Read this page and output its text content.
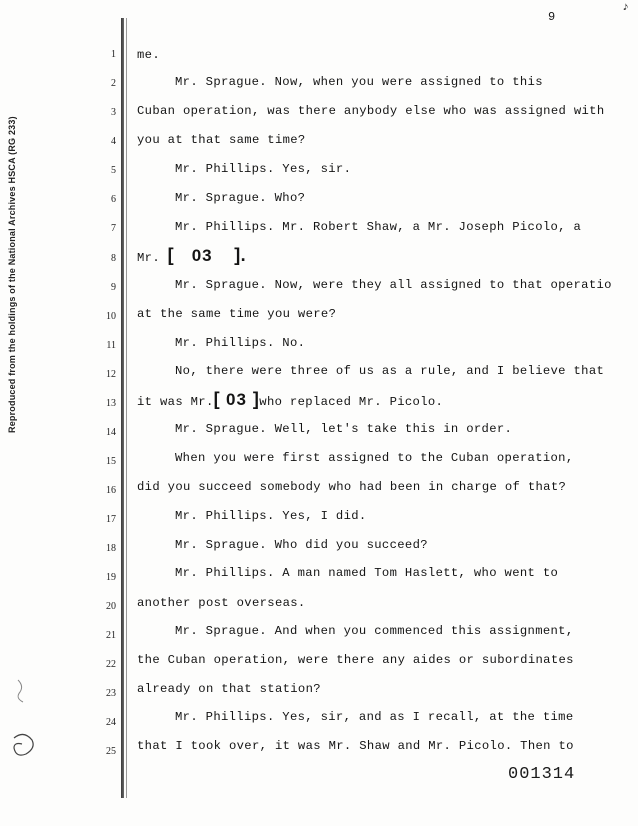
Reproduced from the holdings of the National Archives HSCA (RG 233)
9
♪
1
2
3
4
5
6
7
8
9
10
11
12
13
14
15
16
17
18
19
20
21
22
23
24
25
me.
Mr. Sprague. Now, when you were assigned to this
Cuban operation, was there anybody else who was assigned with
you at that same time?
Mr. Phillips. Yes, sir.
Mr. Sprague. Who?
Mr. Phillips. Mr. Robert Shaw, a Mr. Joseph Picolo, a
Mr. [ 03 ].
Mr. Sprague. Now, were they all assigned to that operatio
at the same time you were?
Mr. Phillips. No.
No, there were three of us as a rule, and I believe that
it was Mr.[ 03 ]who replaced Mr. Picolo.
Mr. Sprague. Well, let's take this in order.
When you were first assigned to the Cuban operation,
did you succeed somebody who had been in charge of that?
Mr. Phillips. Yes, I did.
Mr. Sprague. Who did you succeed?
Mr. Phillips. A man named Tom Haslett, who went to
another post overseas.
Mr. Sprague. And when you commenced this assignment,
the Cuban operation, were there any aides or subordinates
already on that station?
Mr. Phillips. Yes, sir, and as I recall, at the time
that I took over, it was Mr. Shaw and Mr. Picolo. Then to
001314
